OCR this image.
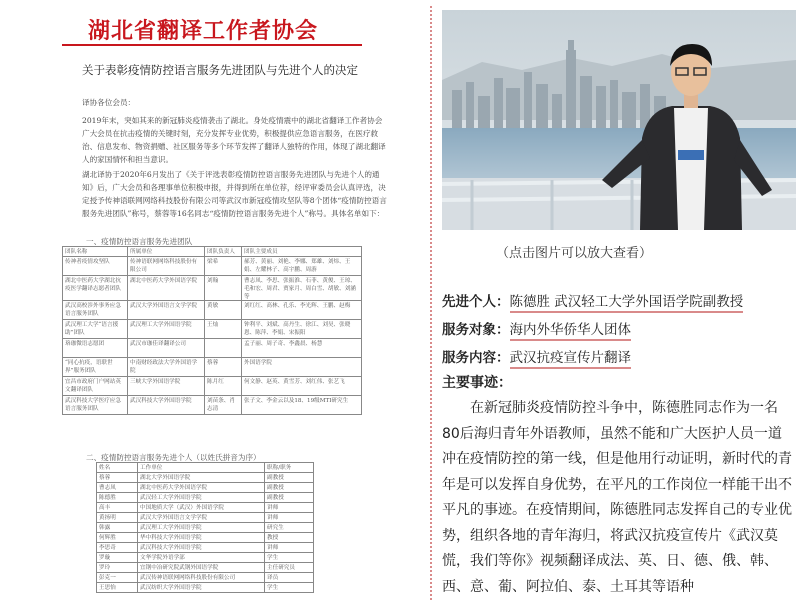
湖北省翻译工作者协会
关于表彰疫情防控语言服务先进团队与先进个人的决定
译协各位会员：
2019年末，突如其来的新冠肺炎疫情袭击了湖北。身处疫情震中的湖北省翻译工作者协会广大会员在抗击疫情的关键时刻，充分发挥专业优势，积极提供应急语言服务，在医疗救治、信息发布、物资捐赠、社区服务等多个环节发挥了翻译人独特的作用，体现了湖北翻译人的家国情怀和担当意识。
湖北译协于2020年6月发出了《关于评选表彰疫情防控语言服务先进团队与先进个人的通知》后，广大会员和各理事单位积极申报，并得到所在单位荐，经评审委员会认真评选，决定授予传神语联网网络科技股份有限公司等武汉市新冠疫情攻坚队等8个团体“疫情防控语言服务先进团队”称号，蔡蓉等16名同志“疫情防控语言服务先进个人”称号。具体名单如下：
一、疫情防控语言服务先进团队
团队名称	所属单位	团队负责人	团队主要成员
传神者疫情攻坚队	传神语联网网络科技股份有限公司	梁希	郝芳、黄丽、刘艳、李娜、郑雄、刘炜、王娟、左耀林子、高宇鹏、周游
湖北中医药大学湖北抗疫医学翻译志愿者团队	湖北中医药大学外国语学院	刘翰	曹志凤、李思、张振淮、石菲、黄俊、王琼、毛和宏、周君、贾家月、周白雪、胡敏、刘涵等
武汉高校涉外事务应急语言服务团队	武汉大学外国语言文学学院	黄敏	刘红红、高林、孔乐、李光辉、王鹏、赵梅
武汉理工大学“语言援助”团队	武汉理工大学外国语学院	王灿	钟利平、刘斌、高丹生、徐江、刘昊、张晓恩、陈萍、李娟、宋振阳
珞珈微语志愿团	武汉市珈佳译翻译公司		孟子丽、周子奇、李鑫晨、杨慧
“同心抗疫，语联世界”服务团队	中南财经政法大学外国语学院	蔡蓉	外国语学院
宜昌市政府门户网站英文翻译团队	三峡大学外国语学院	陈月红	何文静、赵英、黄雪芳、刘红伟、张艺飞
武汉科技大学医疗应急语言服务团队	武汉科技大学外国语学院	刘苗条、肖志清	张子文、李金云以及18、19级MTI研究生
二、疫情防控语言服务先进个人（以姓氏拼音为序）
姓名	工作单位	职称/职务
蔡蓉	湖北大学外国语学院	副教授
曹志凤	湖北中医药大学外国语学院	副教授
陈德胜	武汉轻工大学外国语学院	副教授
高丰	中国地质大学（武汉）外国语学院	讲师
黄扬明	武汉大学外国语言文学学院	讲师
韩露	武汉理工大学外国语学院	研究生
何辉胜	华中科技大学外国语学院	教授
李思奇	武汉科技大学外国语学院	讲师
罗璇	文华学院外语学部	学生
罗玲	宜钢中冶研究院武钢外国语学院	主任研究员
彭克一	武汉传神语联网网络科技股份有限公司	译员
王思怡	武汉纺织大学外国语学院	学生
（点击图片可以放大查看）
先进个人：陈德胜 武汉轻工大学外国语学院副教授
服务对象：海内外华侨华人团体
服务内容：武汉抗疫宣传片翻译
主要事迹：
在新冠肺炎疫情防控斗争中，陈德胜同志作为一名80后海归青年外语教师，虽然不能和广大医护人员一道冲在疫情防控的第一线，但是他用行动证明，新时代的青年是可以发挥自身优势，在平凡的工作岗位一样能干出不平凡的事迹。在疫情期间，陈德胜同志发挥自己的专业优势，组织各地的青年海归，将武汉抗疫宣传片《武汉莫慌，我们等你》视频翻译成法、英、日、德、俄、韩、西、意、葡、阿拉伯、泰、土耳其等语种
